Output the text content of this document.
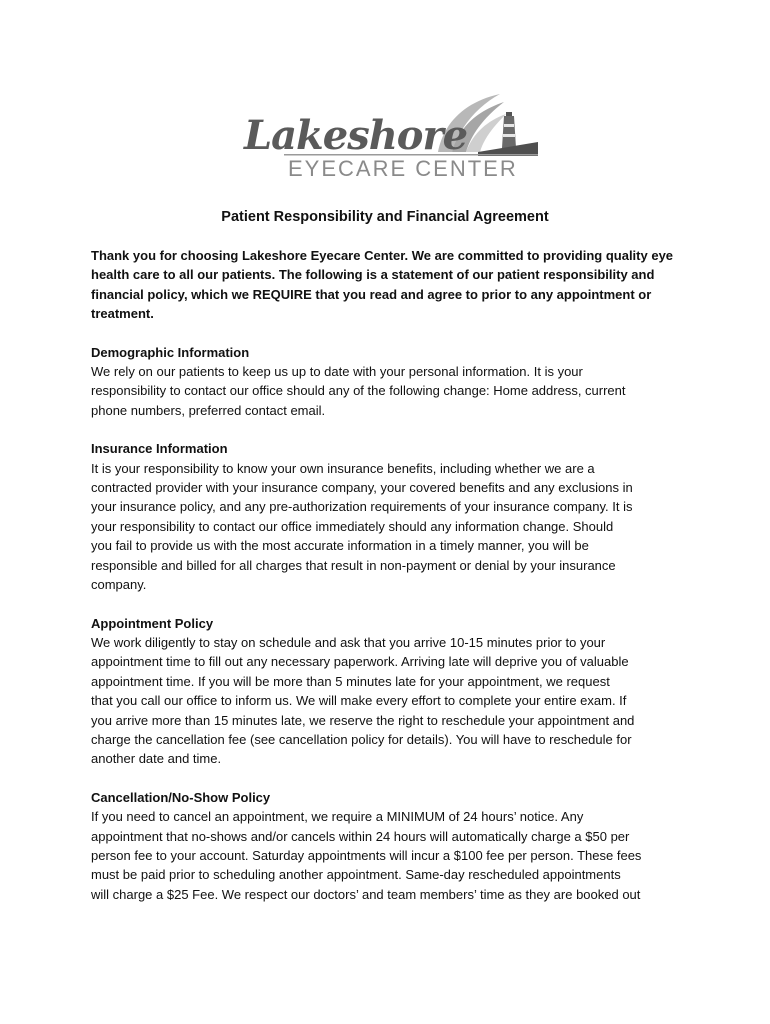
Lakeshore
EYECARE CENTER
Patient Responsibility and Financial Agreement
Thank you for choosing Lakeshore Eyecare Center. We are committed to providing quality eye
health care to all our patients. The following is a statement of our patient responsibility and
financial policy, which we REQUIRE that you read and agree to prior to any appointment or
treatment.
Demographic Information
We rely on our patients to keep us up to date with your personal information. It is your
responsibility to contact our office should any of the following change: Home address, current
phone numbers, preferred contact email.
Insurance Information
It is your responsibility to know your own insurance benefits, including whether we are a
contracted provider with your insurance company, your covered benefits and any exclusions in
your insurance policy, and any pre-authorization requirements of your insurance company. It is
your responsibility to contact our office immediately should any information change. Should
you fail to provide us with the most accurate information in a timely manner, you will be
responsible and billed for all charges that result in non-payment or denial by your insurance
company.
Appointment Policy
We work diligently to stay on schedule and ask that you arrive 10-15 minutes prior to your
appointment time to fill out any necessary paperwork. Arriving late will deprive you of valuable
appointment time. If you will be more than 5 minutes late for your appointment, we request
that you call our office to inform us. We will make every effort to complete your entire exam. If
you arrive more than 15 minutes late, we reserve the right to reschedule your appointment and
charge the cancellation fee (see cancellation policy for details). You will have to reschedule for
another date and time.
Cancellation/No-Show Policy
If you need to cancel an appointment, we require a MINIMUM of 24 hours’ notice. Any
appointment that no-shows and/or cancels within 24 hours will automatically charge a $50 per
person fee to your account. Saturday appointments will incur a $100 fee per person. These fees
must be paid prior to scheduling another appointment. Same-day rescheduled appointments
will charge a $25 Fee. We respect our doctors’ and team members’ time as they are booked out
